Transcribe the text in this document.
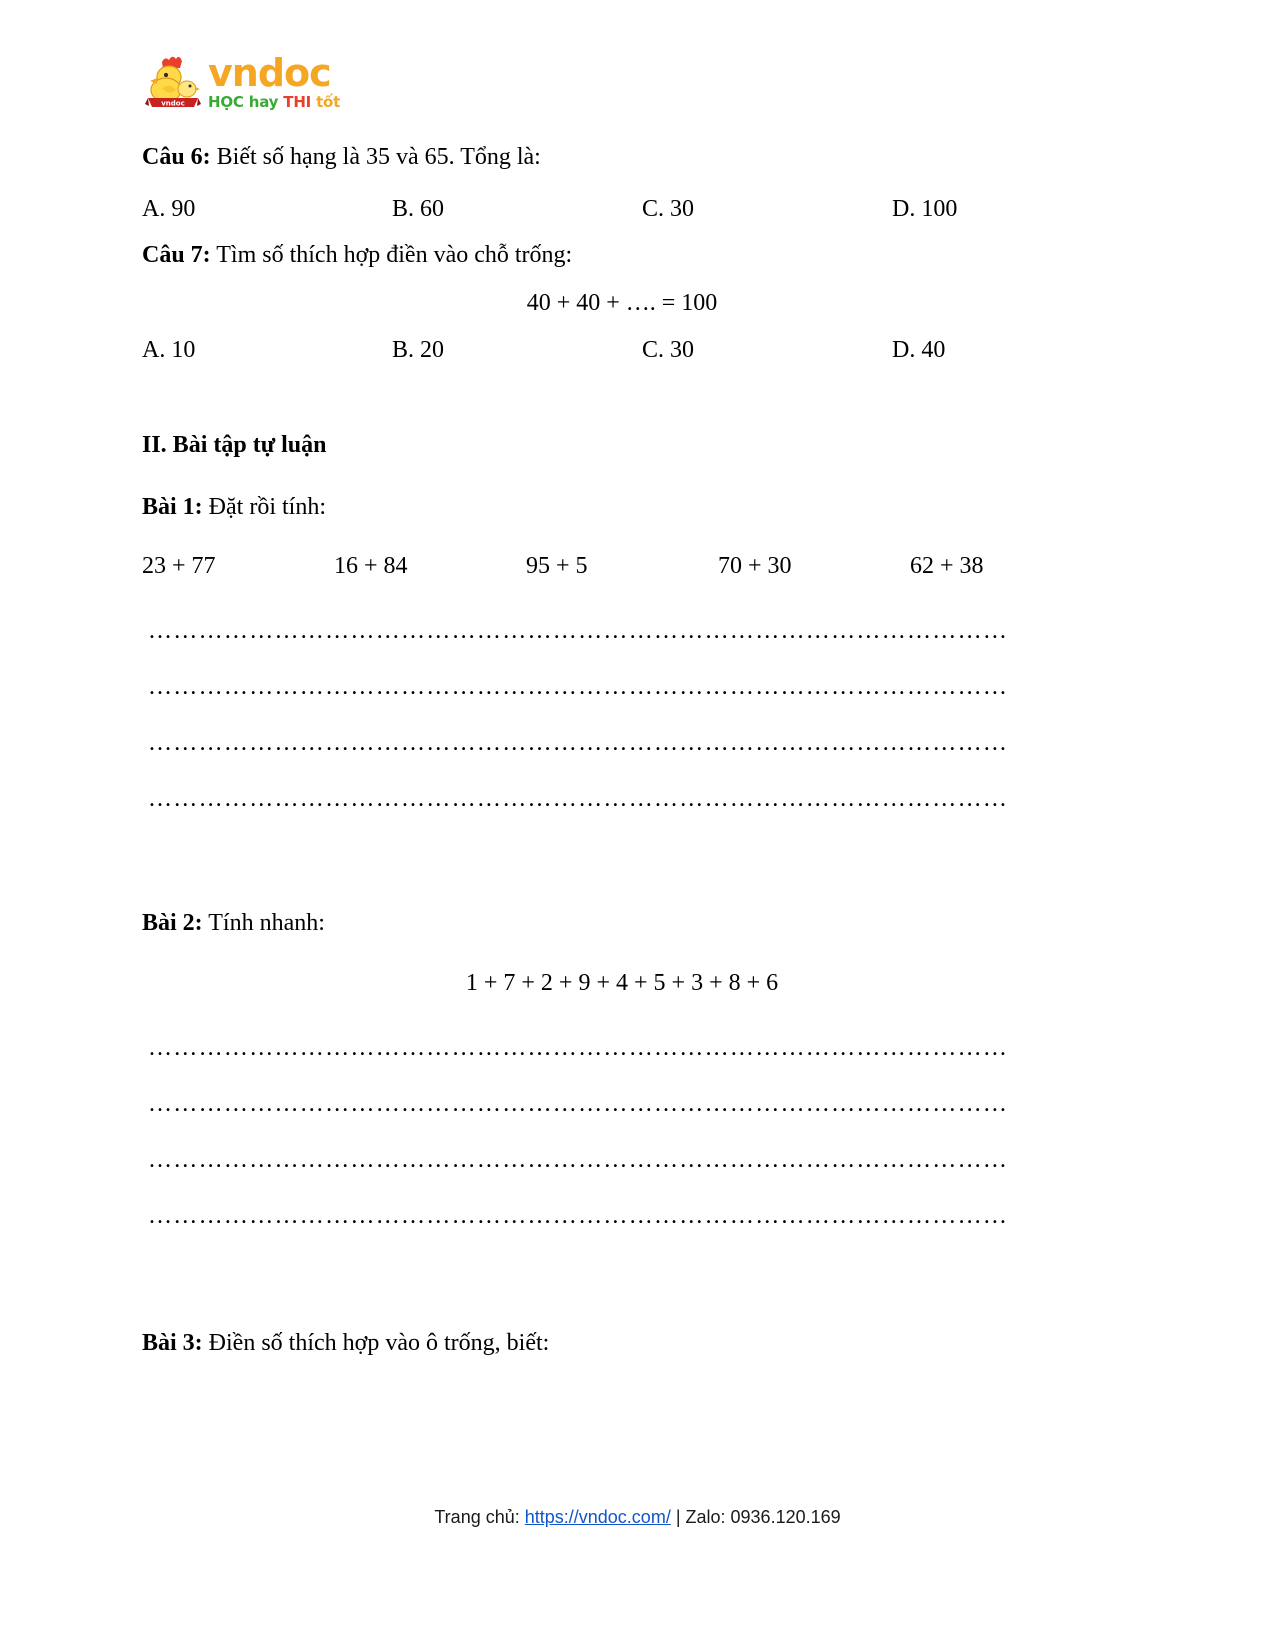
vndoc
vndoc
HỌC hay THI tốt
Câu 6: Biết số hạng là 35 và 65. Tổng là:
A. 90	B. 60	C. 30	D. 100
Câu 7: Tìm số thích hợp điền vào chỗ trống:
40 + 40 + …. = 100
A. 10	B. 20	C. 30	D. 40
II. Bài tập tự luận
Bài 1: Đặt rồi tính:
23 + 77	16 + 84	95 + 5	70 + 30	62 + 38
…………………………………………………………………………………………
…………………………………………………………………………………………
…………………………………………………………………………………………
…………………………………………………………………………………………
Bài 2: Tính nhanh:
1 + 7 + 2 + 9 + 4 + 5 + 3 + 8 + 6
…………………………………………………………………………………………
…………………………………………………………………………………………
…………………………………………………………………………………………
…………………………………………………………………………………………
Bài 3: Điền số thích hợp vào ô trống, biết:
Trang chủ: https://vndoc.com/ | Zalo: 0936.120.169
